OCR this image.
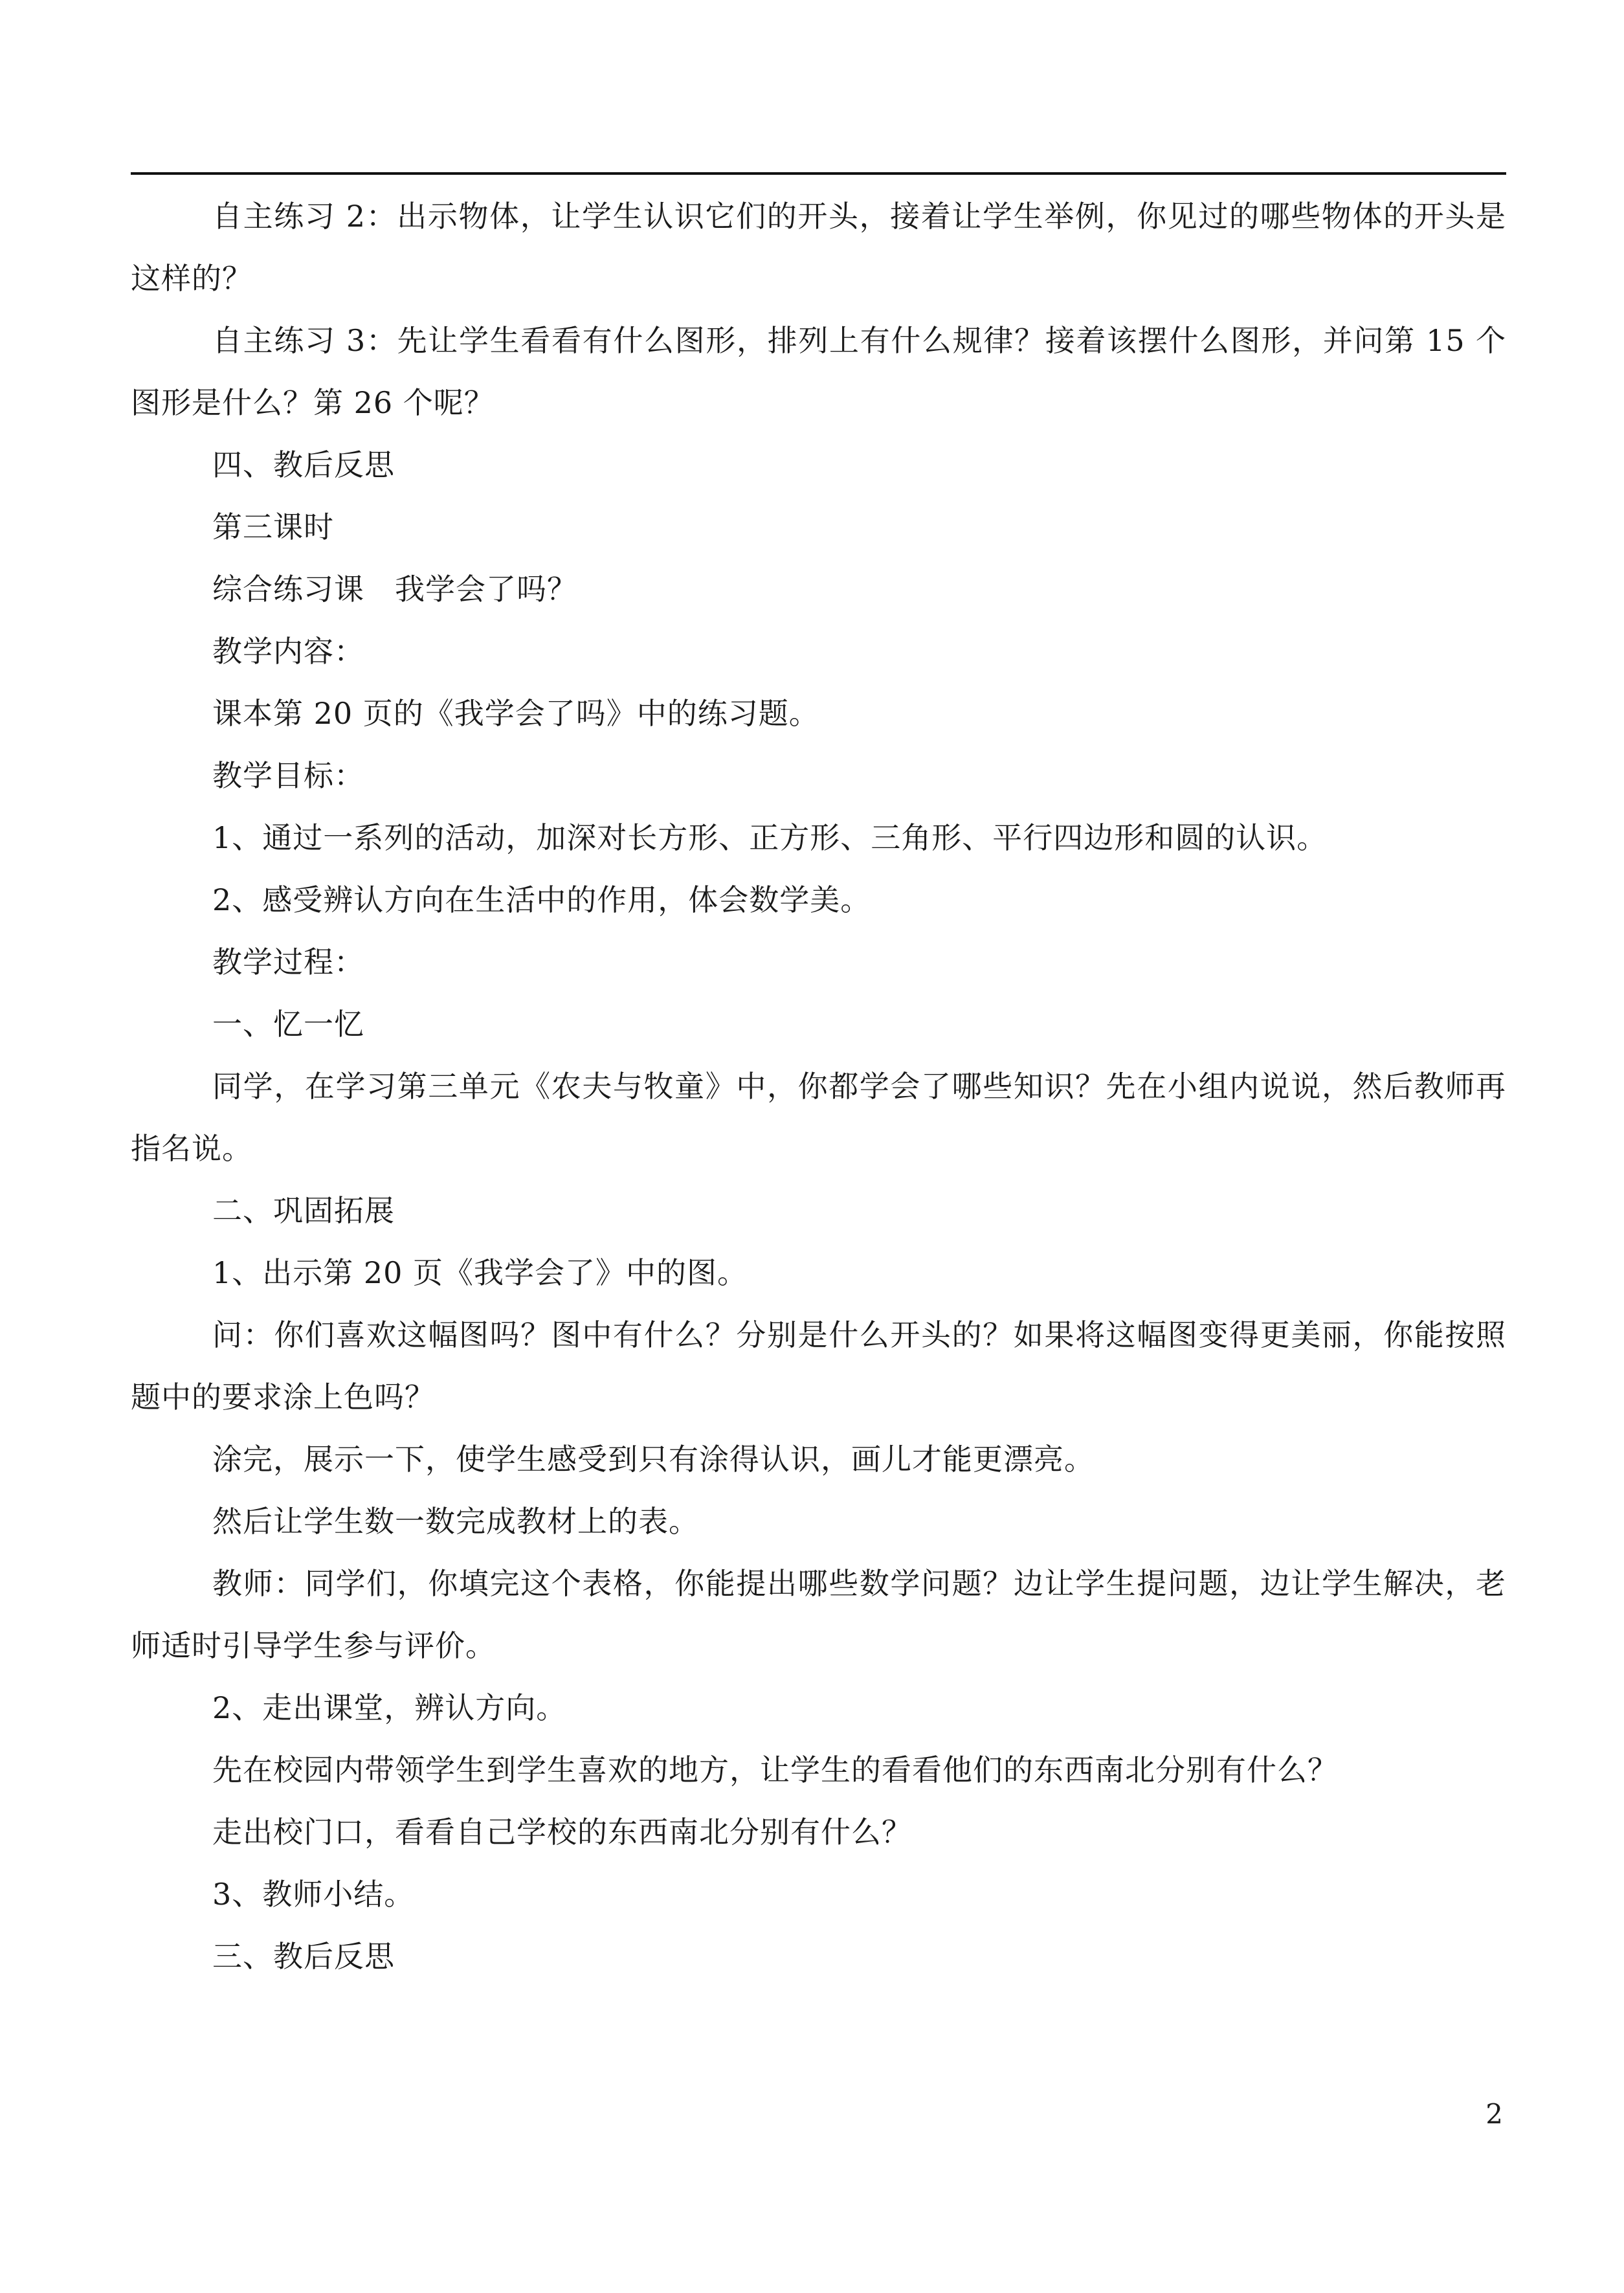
自主练习 2：出示物体，让学生认识它们的开头，接着让学生举例，你见过的哪些物体的开头是这样的？

自主练习 3：先让学生看看有什么图形，排列上有什么规律？接着该摆什么图形，并问第 15 个图形是什么？第 26 个呢？

四、教后反思

第三课时

综合练习课　我学会了吗？

教学内容：

课本第 20 页的《我学会了吗》中的练习题。

教学目标：

1、通过一系列的活动，加深对长方形、正方形、三角形、平行四边形和圆的认识。

2、感受辨认方向在生活中的作用，体会数学美。

教学过程：

一、忆一忆

同学，在学习第三单元《农夫与牧童》中，你都学会了哪些知识？先在小组内说说，然后教师再指名说。

二、巩固拓展

1、出示第 20 页《我学会了》中的图。

问：你们喜欢这幅图吗？图中有什么？分别是什么开头的？如果将这幅图变得更美丽，你能按照题中的要求涂上色吗？

涂完，展示一下，使学生感受到只有涂得认识，画儿才能更漂亮。

然后让学生数一数完成教材上的表。

教师：同学们，你填完这个表格，你能提出哪些数学问题？边让学生提问题，边让学生解决，老师适时引导学生参与评价。

2、走出课堂，辨认方向。

先在校园内带领学生到学生喜欢的地方，让学生的看看他们的东西南北分别有什么？

走出校门口，看看自己学校的东西南北分别有什么？

3、教师小结。

三、教后反思

2
